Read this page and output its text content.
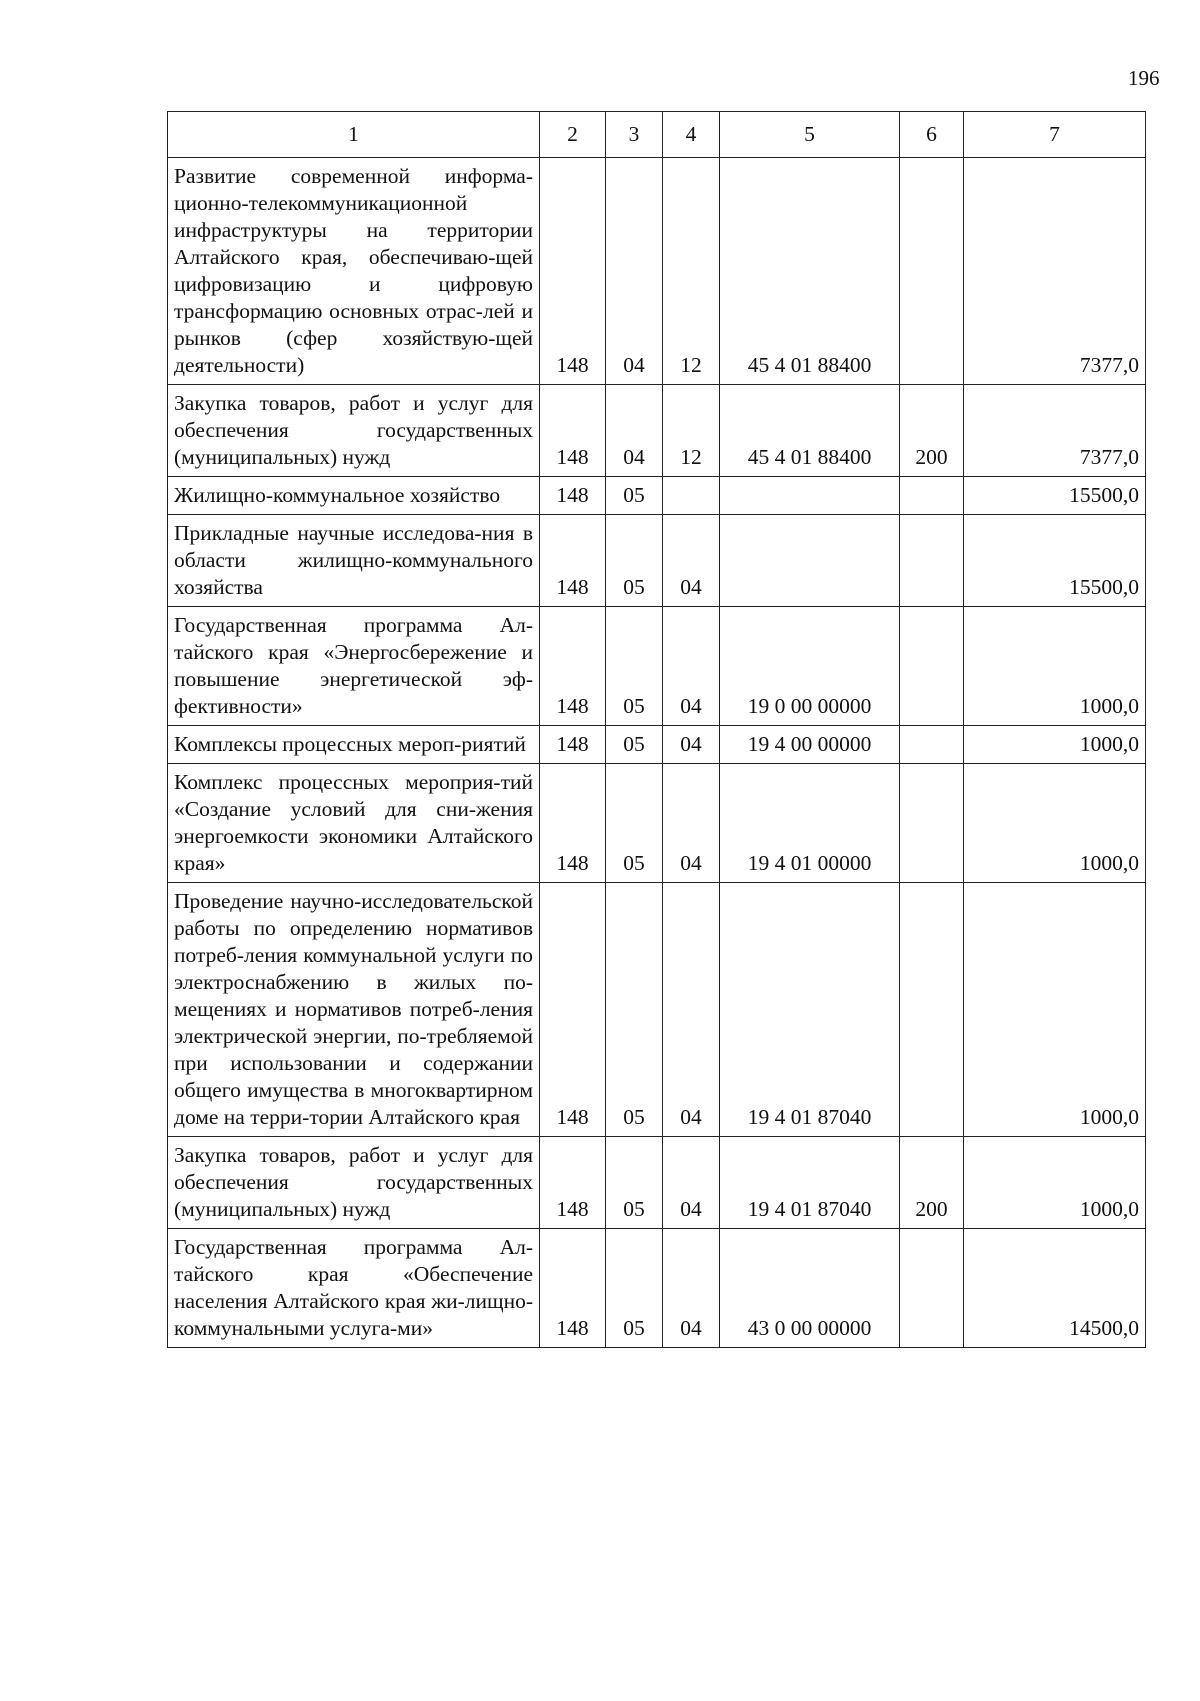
196
1	2	3	4	5	6	7
Развитие современной информа-ционно-телекоммуникационной инфраструктуры на территории Алтайского края, обеспечиваю-щей цифровизацию и цифровую трансформацию основных отрас-лей и рынков (сфер хозяйствую-щей деятельности)	148	04	12	45 4 01 88400		7377,0
Закупка товаров, работ и услуг для обеспечения государственных (муниципальных) нужд	148	04	12	45 4 01 88400	200	7377,0
Жилищно-коммунальное хозяйство	148	05				15500,0
Прикладные научные исследова-ния в области жилищно-коммунального хозяйства	148	05	04			15500,0
Государственная программа Ал-тайского края «Энергосбережение и повышение энергетической эф-фективности»	148	05	04	19 0 00 00000		1000,0
Комплексы процессных мероп-риятий	148	05	04	19 4 00 00000		1000,0
Комплекс процессных мероприя-тий «Создание условий для сни-жения энергоемкости экономики Алтайского края»	148	05	04	19 4 01 00000		1000,0
Проведение научно-исследовательской работы по определению нормативов потреб-ления коммунальной услуги по электроснабжению в жилых по-мещениях и нормативов потреб-ления электрической энергии, по-требляемой при использовании и содержании общего имущества в многоквартирном доме на терри-тории Алтайского края	148	05	04	19 4 01 87040		1000,0
Закупка товаров, работ и услуг для обеспечения государственных (муниципальных) нужд	148	05	04	19 4 01 87040	200	1000,0
Государственная программа Ал-тайского края «Обеспечение населения Алтайского края жи-лищно-коммунальными услуга-ми»	148	05	04	43 0 00 00000		14500,0
